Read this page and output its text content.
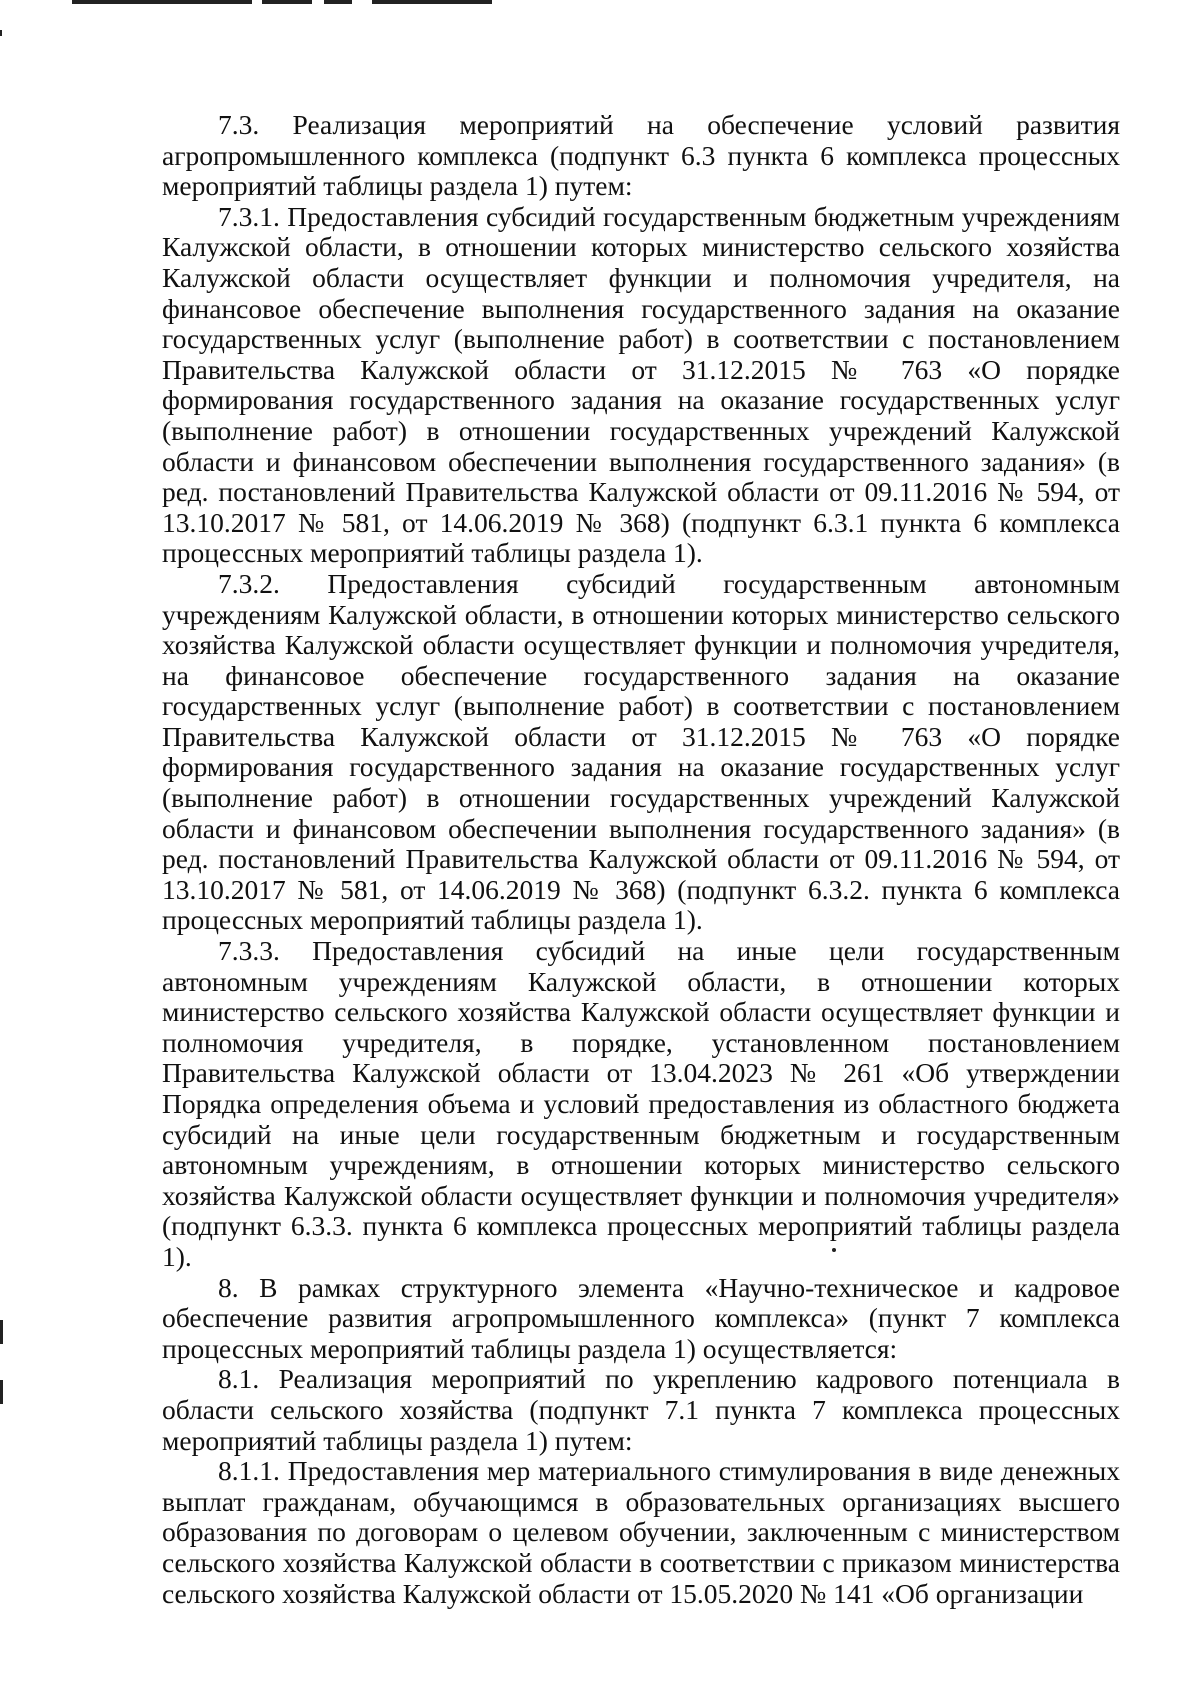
7.3. Реализация мероприятий на обеспечение условий развития агропромышленного комплекса (подпункт 6.3 пункта 6 комплекса процессных мероприятий таблицы раздела 1) путем:

7.3.1. Предоставления субсидий государственным бюджетным учреждениям Калужской области, в отношении которых министерство сельского хозяйства Калужской области осуществляет функции и полномочия учредителя, на финансовое обеспечение выполнения государственного задания на оказание государственных услуг (выполнение работ) в соответствии с постановлением Правительства Калужской области от 31.12.2015 № 763 «О порядке формирования государственного задания на оказание государственных услуг (выполнение работ) в отношении государственных учреждений Калужской области и финансовом обеспечении выполнения государственного задания» (в ред. постановлений Правительства Калужской области от 09.11.2016 № 594, от 13.10.2017 № 581, от 14.06.2019 № 368) (подпункт 6.3.1 пункта 6 комплекса процессных мероприятий таблицы раздела 1).

7.3.2. Предоставления субсидий государственным автономным учреждениям Калужской области, в отношении которых министерство сельского хозяйства Калужской области осуществляет функции и полномочия учредителя, на финансовое обеспечение государственного задания на оказание государственных услуг (выполнение работ) в соответствии с постановлением Правительства Калужской области от 31.12.2015 № 763 «О порядке формирования государственного задания на оказание государственных услуг (выполнение работ) в отношении государственных учреждений Калужской области и финансовом обеспечении выполнения государственного задания» (в ред. постановлений Правительства Калужской области от 09.11.2016 № 594, от 13.10.2017 № 581, от 14.06.2019 № 368) (подпункт 6.3.2. пункта 6 комплекса процессных мероприятий таблицы раздела 1).

7.3.3. Предоставления субсидий на иные цели государственным автономным учреждениям Калужской области, в отношении которых министерство сельского хозяйства Калужской области осуществляет функции и полномочия учредителя, в порядке, установленном постановлением Правительства Калужской области от 13.04.2023 № 261 «Об утверждении Порядка определения объема и условий предоставления из областного бюджета субсидий на иные цели государственным бюджетным и государственным автономным учреждениям, в отношении которых министерство сельского хозяйства Калужской области осуществляет функции и полномочия учредителя» (подпункт 6.3.3. пункта 6 комплекса процессных мероприятий таблицы раздела 1).

8. В рамках структурного элемента «Научно-техническое и кадровое обеспечение развития агропромышленного комплекса» (пункт 7 комплекса процессных мероприятий таблицы раздела 1) осуществляется:

8.1. Реализация мероприятий по укреплению кадрового потенциала в области сельского хозяйства (подпункт 7.1 пункта 7 комплекса процессных мероприятий таблицы раздела 1) путем:

8.1.1. Предоставления мер материального стимулирования в виде денежных выплат гражданам, обучающимся в образовательных организациях высшего образования по договорам о целевом обучении, заключенным с министерством сельского хозяйства Калужской области в соответствии с приказом министерства сельского хозяйства Калужской области от 15.05.2020 № 141 «Об организации
